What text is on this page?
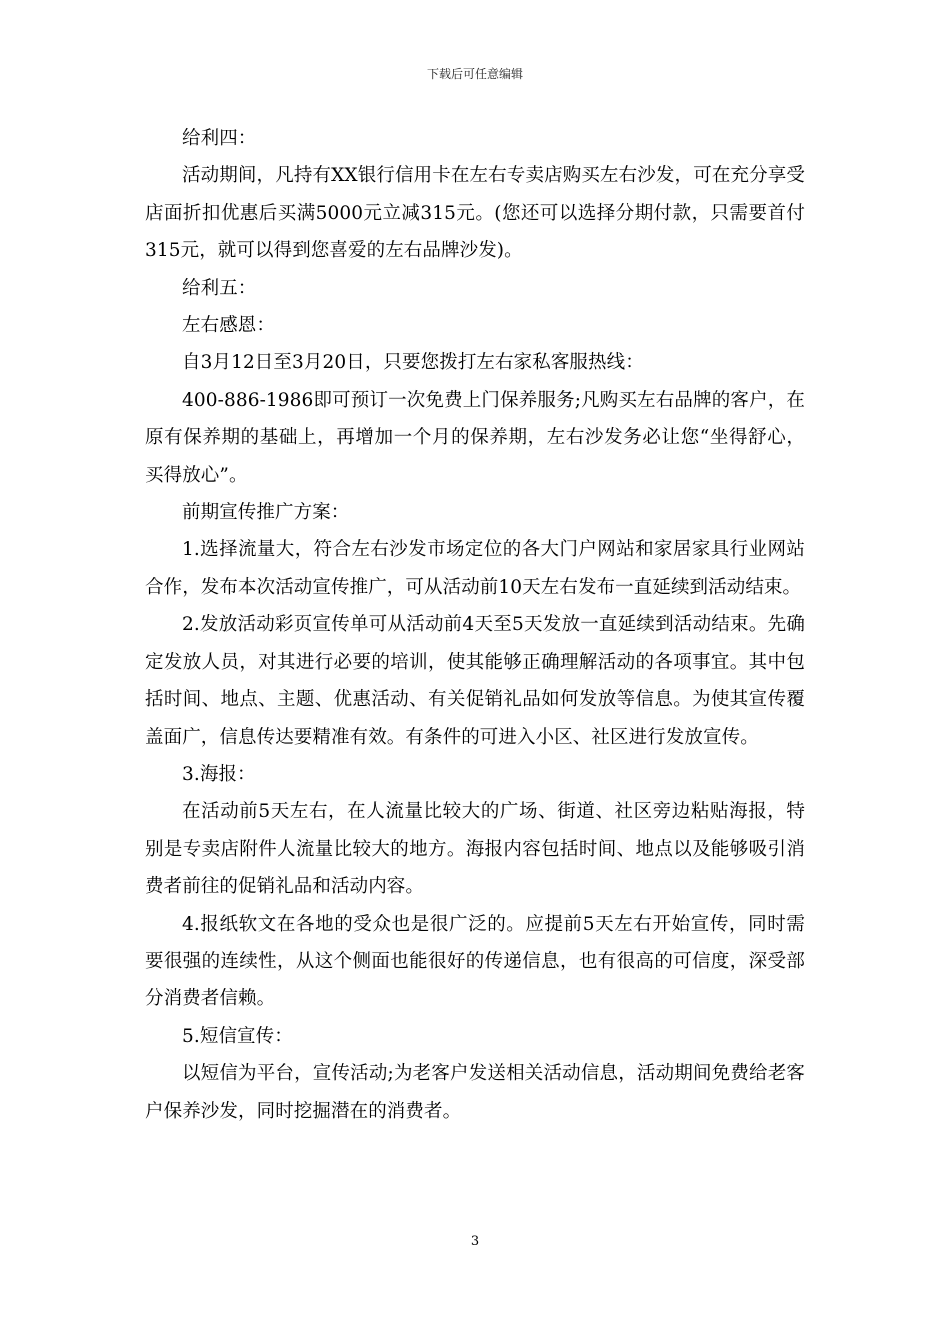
下载后可任意编辑

给利四：

活动期间，凡持有XX银行信用卡在左右专卖店购买左右沙发，可在充分享受店面折扣优惠后买满5000元立减315元。(您还可以选择分期付款，只需要首付315元，就可以得到您喜爱的左右品牌沙发)。

给利五：

左右感恩：

自3月12日至3月20日，只要您拨打左右家私客服热线：

400-886-1986即可预订一次免费上门保养服务;凡购买左右品牌的客户，在原有保养期的基础上，再增加一个月的保养期，左右沙发务必让您“坐得舒心，买得放心”。

前期宣传推广方案：

1.选择流量大，符合左右沙发市场定位的各大门户网站和家居家具行业网站合作，发布本次活动宣传推广，可从活动前10天左右发布一直延续到活动结束。

2.发放活动彩页宣传单可从活动前4天至5天发放一直延续到活动结束。先确定发放人员，对其进行必要的培训，使其能够正确理解活动的各项事宜。其中包括时间、地点、主题、优惠活动、有关促销礼品如何发放等信息。为使其宣传覆盖面广，信息传达要精准有效。有条件的可进入小区、社区进行发放宣传。

3.海报：

在活动前5天左右，在人流量比较大的广场、街道、社区旁边粘贴海报，特别是专卖店附件人流量比较大的地方。海报内容包括时间、地点以及能够吸引消费者前往的促销礼品和活动内容。

4.报纸软文在各地的受众也是很广泛的。应提前5天左右开始宣传，同时需要很强的连续性，从这个侧面也能很好的传递信息，也有很高的可信度，深受部分消费者信赖。

5.短信宣传：

以短信为平台，宣传活动;为老客户发送相关活动信息，活动期间免费给老客户保养沙发，同时挖掘潜在的消费者。

3
